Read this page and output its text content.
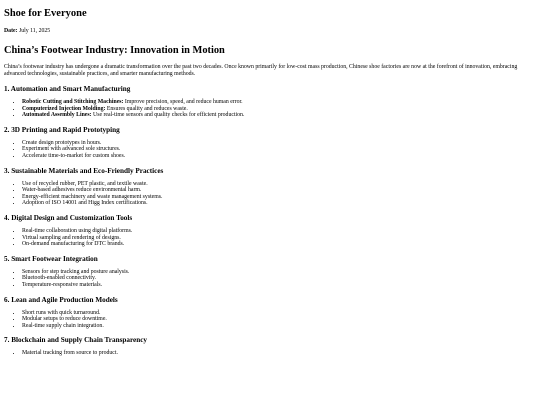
Shoe for Everyone

Date: July 11, 2025

China’s Footwear Industry: Innovation in Motion

China’s footwear industry has undergone a dramatic transformation over the past two decades. Once known primarily for low-cost mass production, Chinese shoe factories are now at the forefront of innovation, embracing advanced technologies, sustainable practices, and smarter manufacturing methods.

1. Automation and Smart Manufacturing
• Robotic Cutting and Stitching Machines: Improve precision, speed, and reduce human error.
• Computerized Injection Molding: Ensures quality and reduces waste.
• Automated Assembly Lines: Use real-time sensors and quality checks for efficient production.
2. 3D Printing and Rapid Prototyping
• Create design prototypes in hours.
• Experiment with advanced sole structures.
• Accelerate time-to-market for custom shoes.
3. Sustainable Materials and Eco-Friendly Practices
• Use of recycled rubber, PET plastic, and textile waste.
• Water-based adhesives reduce environmental harm.
• Energy-efficient machinery and waste management systems.
• Adoption of ISO 14001 and Higg Index certifications.
4. Digital Design and Customization Tools
• Real-time collaboration using digital platforms.
• Virtual sampling and rendering of designs.
• On-demand manufacturing for DTC brands.
5. Smart Footwear Integration
• Sensors for step tracking and posture analysis.
• Bluetooth-enabled connectivity.
• Temperature-responsive materials.
6. Lean and Agile Production Models
• Short runs with quick turnaround.
• Modular setups to reduce downtime.
• Real-time supply chain integration.
7. Blockchain and Supply Chain Transparency
• Material tracking from source to product.
